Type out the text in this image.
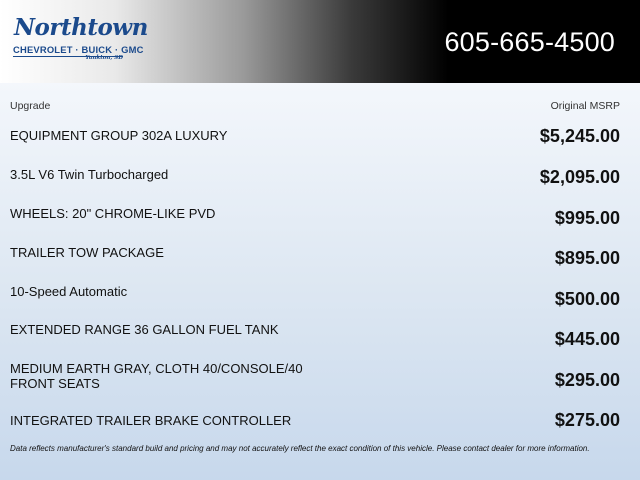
Northtown
CHEVROLET · BUICK · GMC
Yankton, SD
605-665-4500
Upgrade	Original MSRP
EQUIPMENT GROUP 302A LUXURY	$5,245.00
3.5L V6 Twin Turbocharged	$2,095.00
WHEELS: 20" CHROME-LIKE PVD	$995.00
TRAILER TOW PACKAGE	$895.00
10-Speed Automatic	$500.00
EXTENDED RANGE 36 GALLON FUEL TANK	$445.00
MEDIUM EARTH GRAY, CLOTH 40/CONSOLE/40 FRONT SEATS	$295.00
INTEGRATED TRAILER BRAKE CONTROLLER	$275.00
Data reflects manufacturer's standard build and pricing and may not accurately reflect the exact condition of this vehicle. Please contact dealer for more information.
